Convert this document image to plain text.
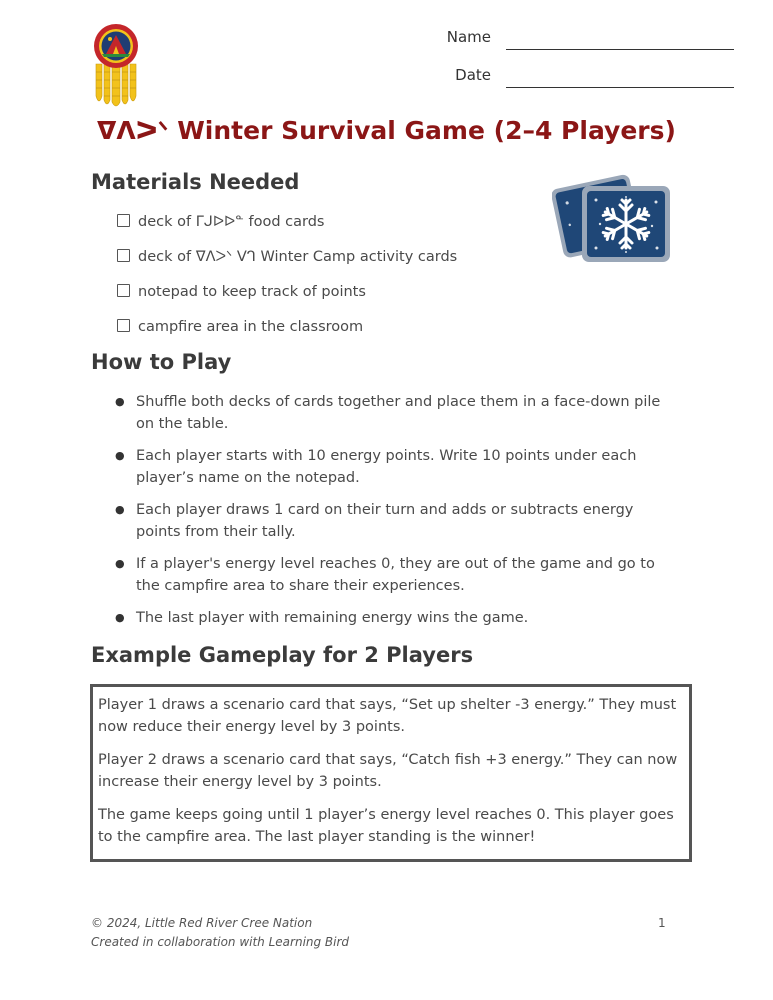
Name
Date
ᐁᐱᐳᐠ Winter Survival Game (2–4 Players)
Materials Needed
deck of ᒥᒍᐅᐅᓐ food cards
deck of ᐁᐱᐳᐠ ᐯᒉ Winter Camp activity cards
notepad to keep track of points
campfire area in the classroom
How to Play
● Shuffle both decks of cards together and place them in a face-down pile on the table.
● Each player starts with 10 energy points. Write 10 points under each player’s name on the notepad.
● Each player draws 1 card on their turn and adds or subtracts energy points from their tally.
● If a player's energy level reaches 0, they are out of the game and go to the campfire area to share their experiences.
● The last player with remaining energy wins the game.
Example Gameplay for 2 Players

Player 1 draws a scenario card that says, “Set up shelter -3 energy.” They must now reduce their energy level by 3 points.

Player 2 draws a scenario card that says, “Catch fish +3 energy.” They can now increase their energy level by 3 points.

The game keeps going until 1 player’s energy level reaches 0. This player goes to the campfire area. The last player standing is the winner!

© 2024, Little Red River Cree Nation
Created in collaboration with Learning Bird
1
